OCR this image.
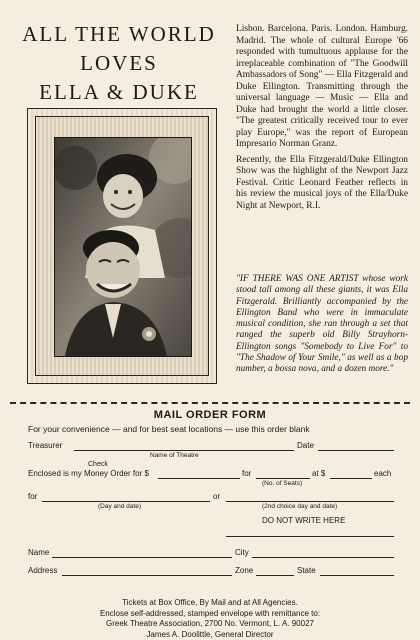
ALL THE WORLD
LOVES
ELLA & DUKE

Lisbon. Barcelona. Paris. London. Hamburg. Madrid. The whole of cultural Europe '66 responded with tumultuous applause for the irreplaceable combination of "The Goodwill Ambassadors of Song" — Ella Fitzgerald and Duke Ellington. Transmitting through the universal language — Music — Ella and Duke had brought the world a little closer. "The greatest critically received tour to ever play Europe," was the report of European Impresario Norman Granz.

Recently, the Ella Fitzgerald/Duke Ellington Show was the highlight of the Newport Jazz Festival. Critic Leonard Feather reflects in his review the musical joys of the Ella/Duke Night at Newport, R.I.

"IF THERE WAS ONE ARTIST whose work stood tall among all these giants, it was Ella Fitzgerald. Brilliantly accompanied by the Ellington Band who were in immaculate musical condition, she ran through a set that ranged the superb old Billy Strayhorn-Ellington songs "Somebody to Live For" to "The Shadow of Your Smile," as well as a bop number, a bossa nova, and a dozen more."
MAIL ORDER FORM
For your convenience — and for best seat locations — use this order blank
Treasurer	Date
Name of Theatre
Check
Enclosed is my Money Order for $	for	at $	each
(No. of Seats)
for	or
(Day and date)	(2nd choice day and date)
DO NOT WRITE HERE
Name	City
Address	Zone	State
Tickets at Box Office, By Mail and at All Agencies.
Enclose self-addressed, stamped envelope with remittance to:
Greek Theatre Association, 2700 No. Vermont, L. A. 90027
James A. Doolittle, General Director
